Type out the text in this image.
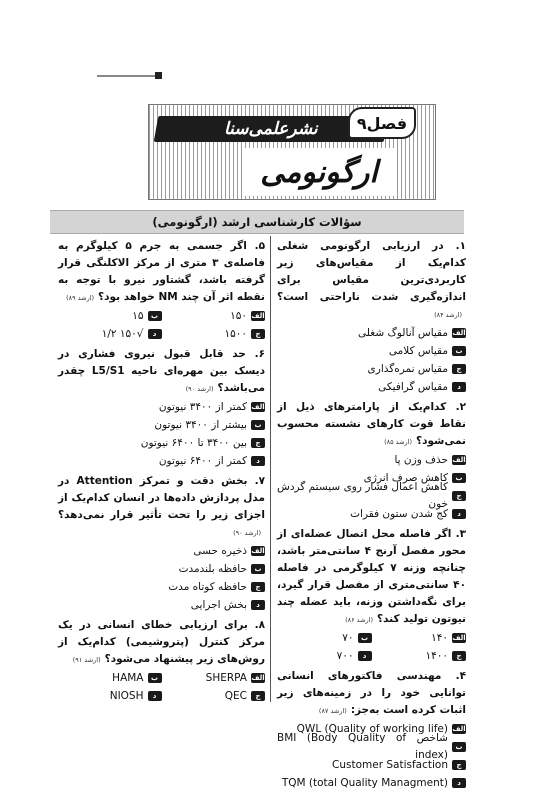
نشرعلمی‌سنا فصل۹
ارگونومی
سؤالات کارشناسی ارشد (ارگونومی)
۱. در ارزیابی ارگونومی شغلی کدام‌یک از مقیاس‌های زیر کاربردی‌ترین مقیاس برای اندازه‌گیری شدت ناراحتی است؟(ارشد ۸۴)
الف
مقیاس آنالوگ شغلی
ب
مقیاس کلامی
ج
مقیاس نمره‌گذاری
د
مقیاس گرافیکی
۲. کدام‌یک از پارامترهای ذیل از نقاط قوت کارهای نشسته محسوب نمی‌شود؟(ارشد ۸۵)
الف
حذف وزن پا
ب
کاهش صرف انرژی
ج
کاهش اعمال فشار روی سیستم گردش خون
د
کج شدن ستون فقرات
۳. اگر فاصله محل اتصال عضله‌ای از محور مفصل آرنج ۴ سانتی‌متر باشد، چنانچه وزنه ۷ کیلوگرمی در فاصله ۴۰ سانتی‌متری از مفصل قرار گیرد، برای نگه‌داشتن وزنه، باید عضله چند نیوتون تولید کند؟(ارشد ۸۶)
الف
۱۴۰
ب
۷۰
ج
۱۴۰۰
د
۷۰۰
۴. مهندسی فاکتورهای انسانی توانایی خود را در زمینه‌های زیر اثبات کرده است به‌جز:(ارشد ۸۷)
الف
QWL (Quality of working life)
ب
شاخص BMI (Body Quality of index)
ج
Customer Satisfaction
د
TQM (total Quality Managment)
۵. اگر جسمی به جرم ۵ کیلوگرم به فاصله‌ی ۳ متری از مرکز الاکلنگی قرار گرفته باشد، گشتاور نیرو با توجه به نقطه اثر آن چند NM خواهد بود؟(ارشد ۸۹)
الف
۱۵۰
ب
۱۵
ج
۱۵۰۰
د
√۱۵۰ ۱/۲
۶. حد قابل قبول نیروی فشاری در دیسک بین مهره‌ای ناحیه L5/S1 چقدر می‌باشد؟(ارشد ۹۰)
الف
کمتر از ۳۴۰۰ نیوتون
ب
بیشتر از ۳۴۰۰ نیوتون
ج
بین ۳۴۰۰ تا ۶۴۰۰ نیوتون
د
کمتر از ۶۴۰۰ نیوتون
۷. بخش دقت و تمرکز Attention در مدل پردازش داده‌ها در انسان کدام‌یک از اجزای زیر را تحت تأثیر قرار نمی‌دهد؟(ارشد ۹۰)
الف
ذخیره حسی
ب
حافظه بلندمدت
ج
حافظه کوتاه مدت
د
بخش اجرایی
۸. برای ارزیابی خطای انسانی در یک مرکز کنترل (پتروشیمی) کدام‌یک از روش‌های زیر پیشنهاد می‌شود؟(ارشد ۹۱)
الف
SHERPA
ب
HAMA
ج
QEC
د
NIOSH
